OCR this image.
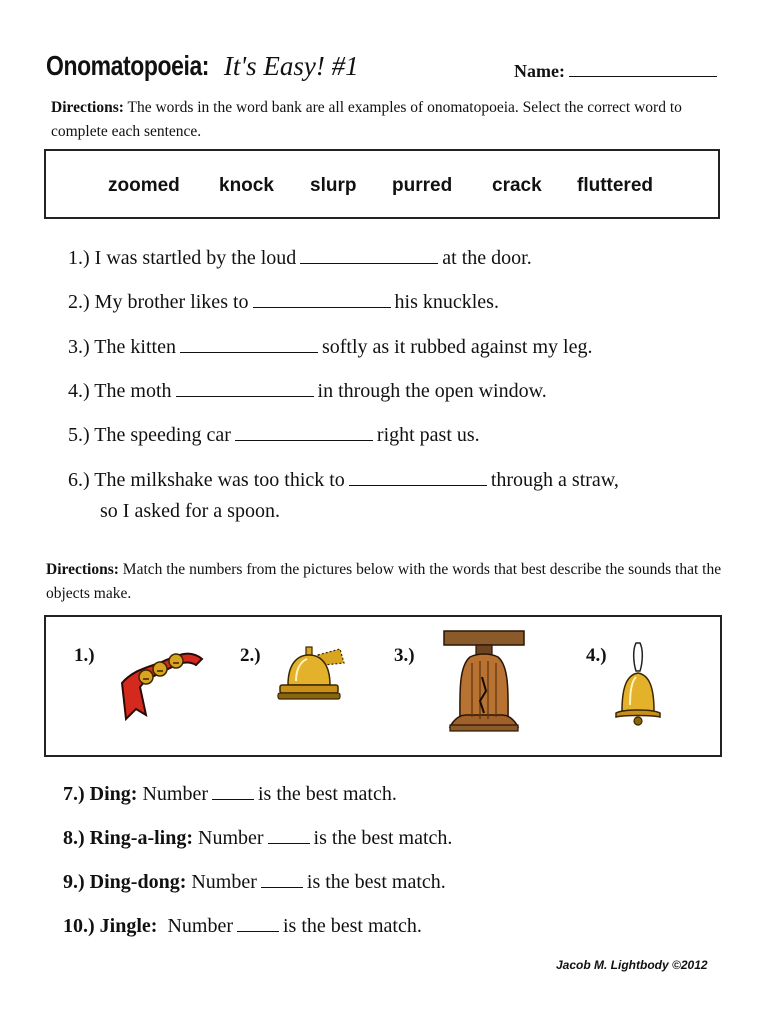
Onomatopoeia: It's Easy! #1	Name:
Directions: The words in the word bank are all examples of onomatopoeia. Select the correct word to complete each sentence.
zoomed knock slurp purred crack fluttered
1.) I was startled by the loud	at the door.
2.) My brother likes to	his knuckles.
3.) The kitten	softly as it rubbed against my leg.
4.) The moth	in through the open window.
5.) The speeding car	right past us.
6.) The milkshake was too thick to	through a straw,
so I asked for a spoon.
Directions: Match the numbers from the pictures below with the words that best describe the sounds that the objects make.
1.)	2.)	3.)	4.)
7.) Ding: Number	is the best match.
8.) Ring-a-ling: Number	is the best match.
9.) Ding-dong: Number	is the best match.
10.) Jingle:  Number	is the best match.
Jacob M. Lightbody ©2012
